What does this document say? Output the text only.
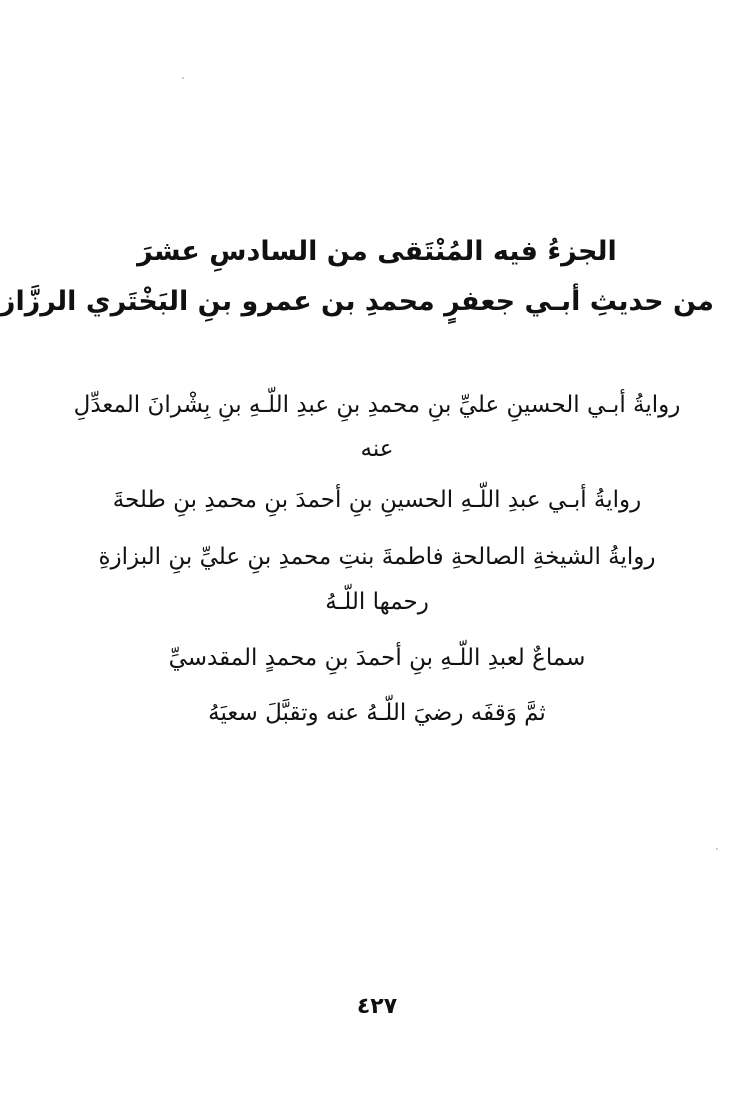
الجزءُ فيه المُنْتَقى من السادسِ عشرَ
من حديثِ أبـي جعفرٍ محمدِ بن عمرو بنِ البَخْتَري الرزَّاز
روايةُ أبـي الحسينِ عليِّ بنِ محمدِ بنِ عبدِ اللّـهِ بنِ بِشْرانَ المعدِّلِ
عنه
روايةُ أبـي عبدِ اللّـهِ الحسينِ بنِ أحمدَ بنِ محمدِ بنِ طلحةَ
روايةُ الشيخةِ الصالحةِ فاطمةَ بنتِ محمدِ بنِ عليِّ بنِ البزازةِ
رحمها اللّـهُ
سماعٌ لعبدِ اللّـهِ بنِ أحمدَ بنِ محمدٍ المقدسيِّ
ثمَّ وَقفَه رضيَ اللّـهُ عنه وتقبَّلَ سعيَهُ
٤٢٧
